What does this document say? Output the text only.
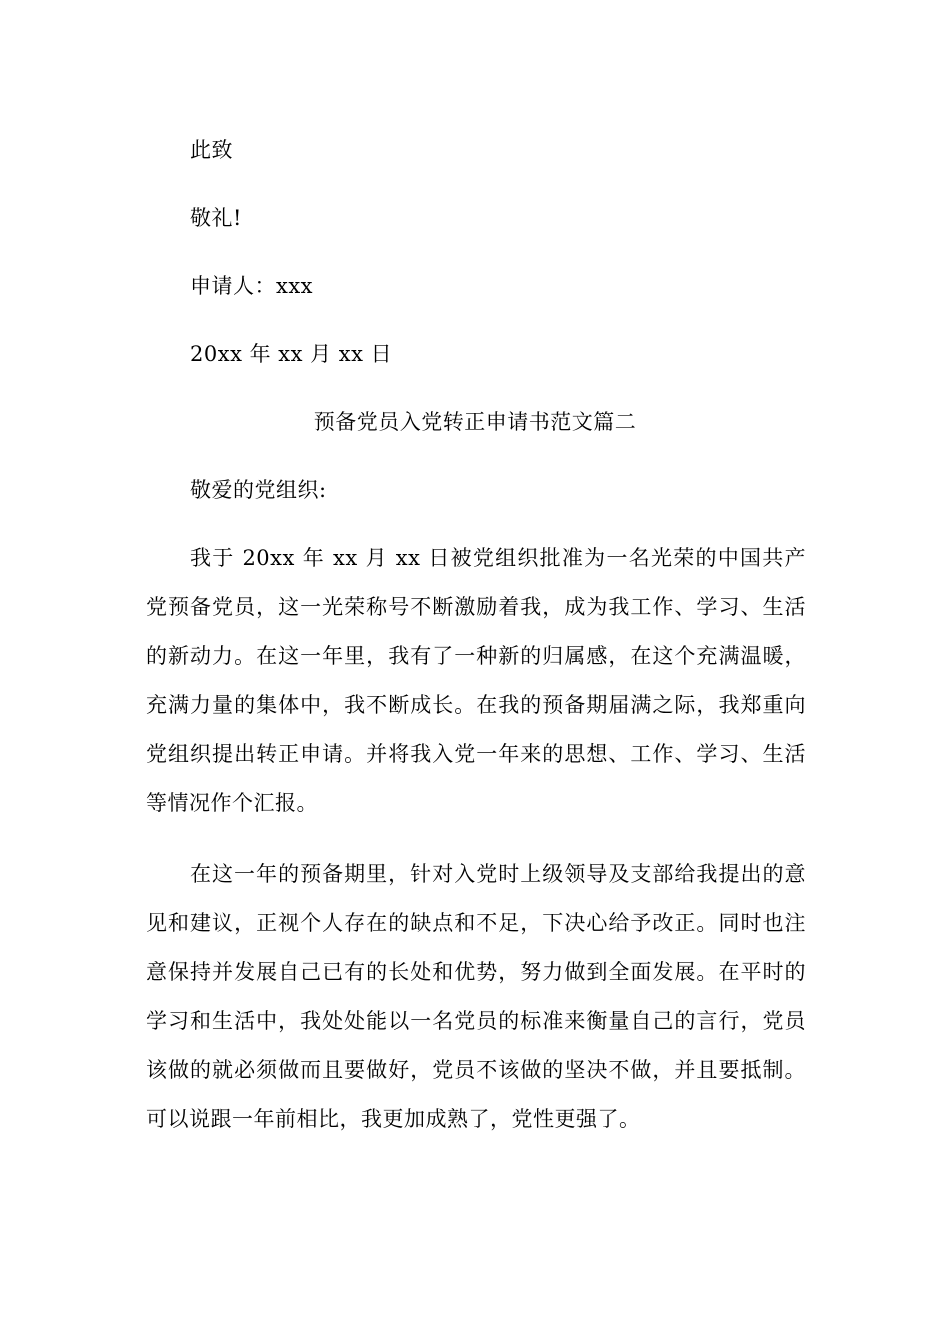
此致
敬礼!
申请人：xxx
20xx 年 xx 月 xx 日
预备党员入党转正申请书范文篇二
敬爱的党组织:

我于 20xx 年 xx 月 xx 日被党组织批准为一名光荣的中国共产党预备党员，这一光荣称号不断激励着我，成为我工作、学习、生活的新动力。在这一年里，我有了一种新的归属感，在这个充满温暖，充满力量的集体中，我不断成长。在我的预备期届满之际，我郑重向党组织提出转正申请。并将我入党一年来的思想、工作、学习、生活等情况作个汇报。

在这一年的预备期里，针对入党时上级领导及支部给我提出的意见和建议，正视个人存在的缺点和不足，下决心给予改正。同时也注意保持并发展自己已有的长处和优势，努力做到全面发展。在平时的学习和生活中，我处处能以一名党员的标准来衡量自己的言行，党员该做的就必须做而且要做好，党员不该做的坚决不做，并且要抵制。可以说跟一年前相比，我更加成熟了，党性更强了。
